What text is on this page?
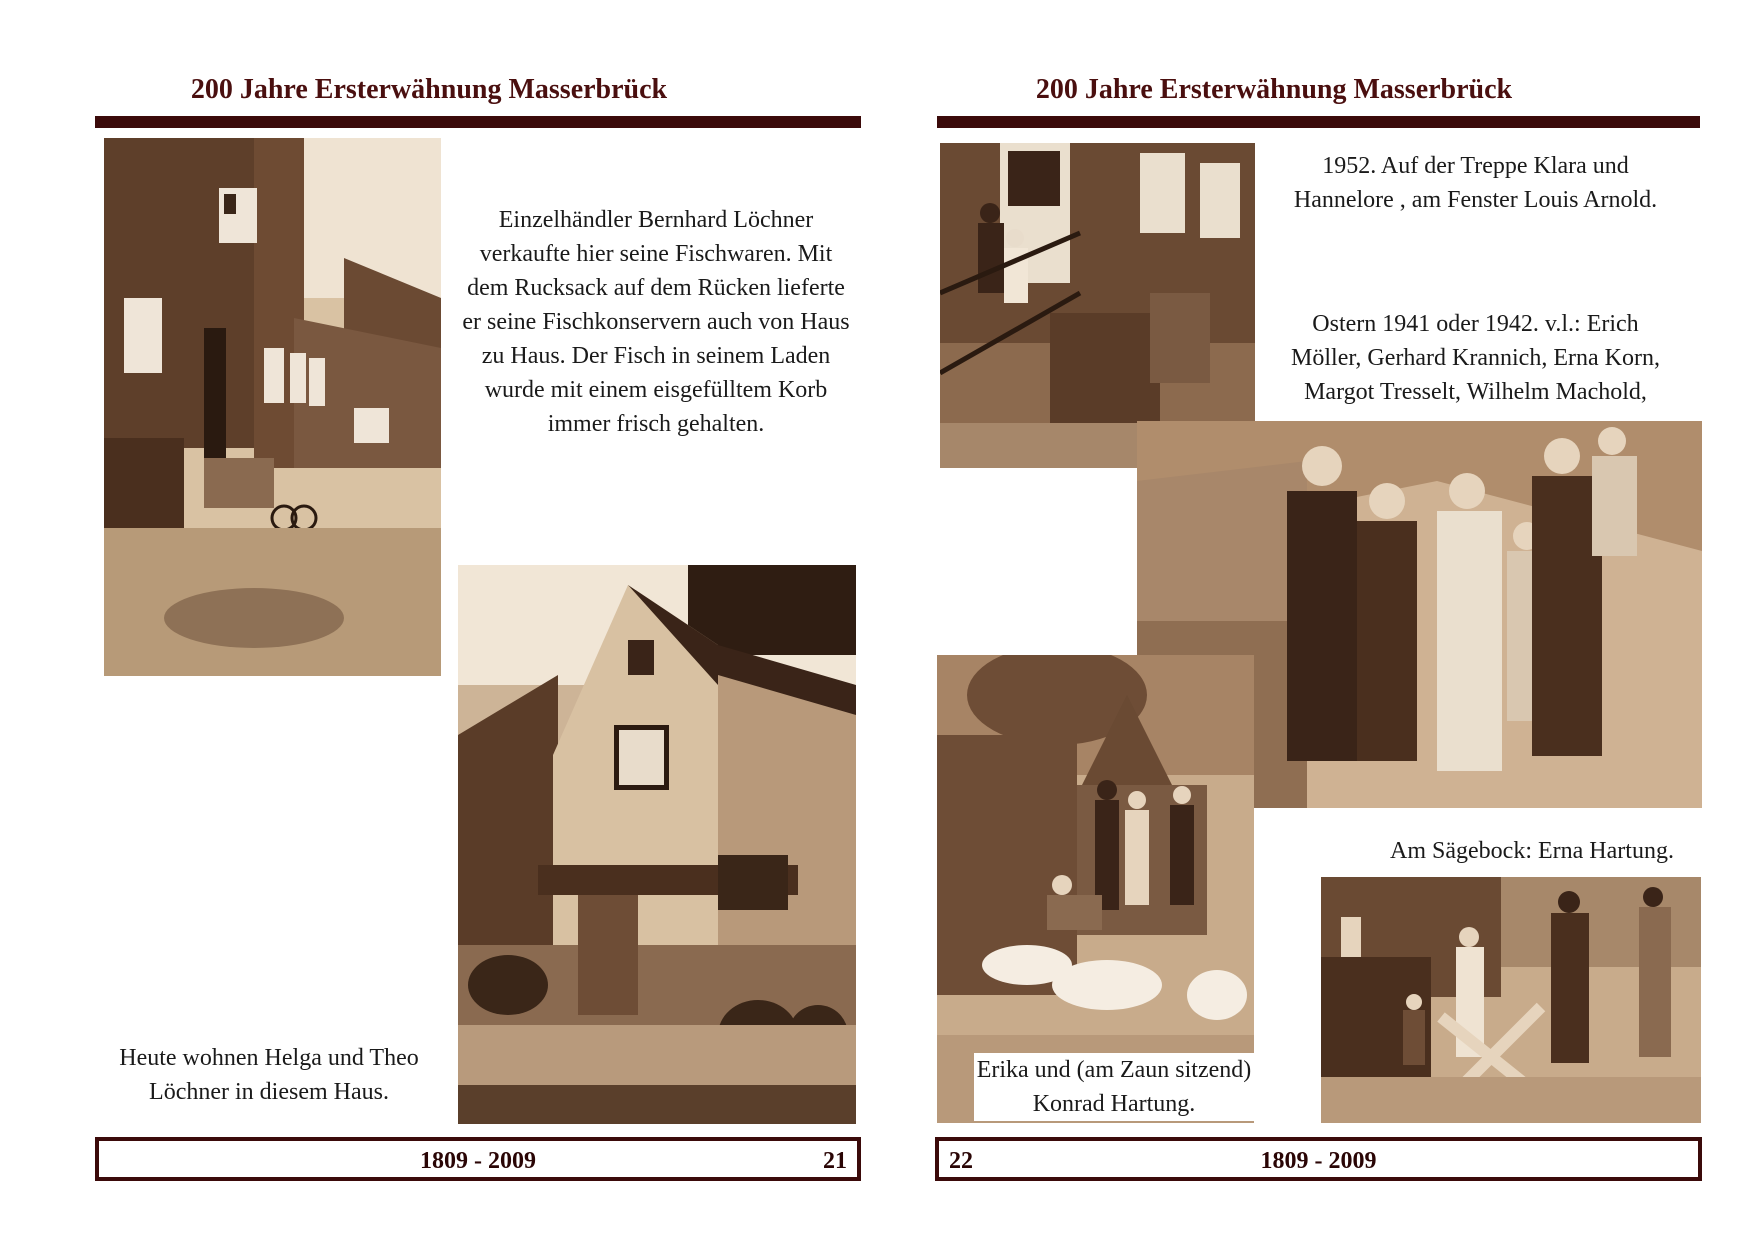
200 Jahre Ersterwähnung Masserbrück
Einzelhändler Bernhard Löchner verkaufte hier seine Fischwaren. Mit dem Rucksack auf dem Rücken lieferte er seine Fischkonservern auch von Haus zu Haus. Der Fisch in seinem Laden wurde mit einem eisgefülltem Korb immer frisch gehalten.
Heute wohnen Helga und Theo Löchner in diesem Haus.
1809 - 2009	21
200 Jahre Ersterwähnung Masserbrück
1952. Auf der Treppe Klara und Hannelore , am Fenster Louis Arnold.
Ostern 1941 oder 1942. v.l.: Erich Möller, Gerhard Krannich, Erna Korn, Margot Tresselt, Wilhelm Machold,
Am Sägebock: Erna Hartung.
Erika und (am Zaun sitzend) Konrad Hartung.
22	1809 - 2009
